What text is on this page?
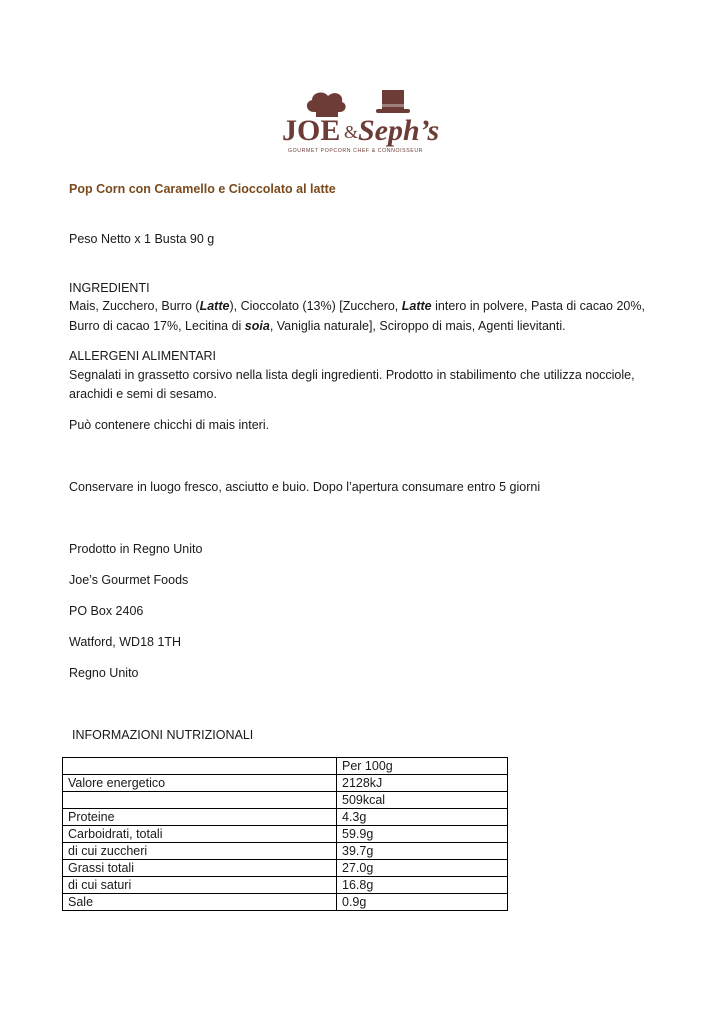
JOE & Seph’s
GOURMET POPCORN CHEF & CONNOISSEUR

Pop Corn con Caramello e Cioccolato al latte

Peso Netto x 1 Busta 90 g

INGREDIENTI

Mais, Zucchero, Burro (Latte), Cioccolato (13%) [Zucchero, Latte intero in polvere, Pasta di cacao 20%,

Burro di cacao 17%, Lecitina di soia, Vaniglia naturale], Sciroppo di mais, Agenti lievitanti.

ALLERGENI ALIMENTARI

Segnalati in grassetto corsivo nella lista degli ingredienti. Prodotto in stabilimento che utilizza nocciole,

arachidi e semi di sesamo.

Può contenere chicchi di mais interi.

Conservare in luogo fresco, asciutto e buio. Dopo l’apertura consumare entro 5 giorni

Prodotto in Regno Unito

Joe’s Gourmet Foods

PO Box 2406

Watford, WD18 1TH

Regno Unito

INFORMAZIONI NUTRIZIONALI

	Per 100g
Valore energetico	2128kJ
	509kcal
Proteine	4.3g
Carboidrati, totali	59.9g
di cui zuccheri	39.7g
Grassi totali	27.0g
di cui saturi	16.8g
Sale	0.9g
